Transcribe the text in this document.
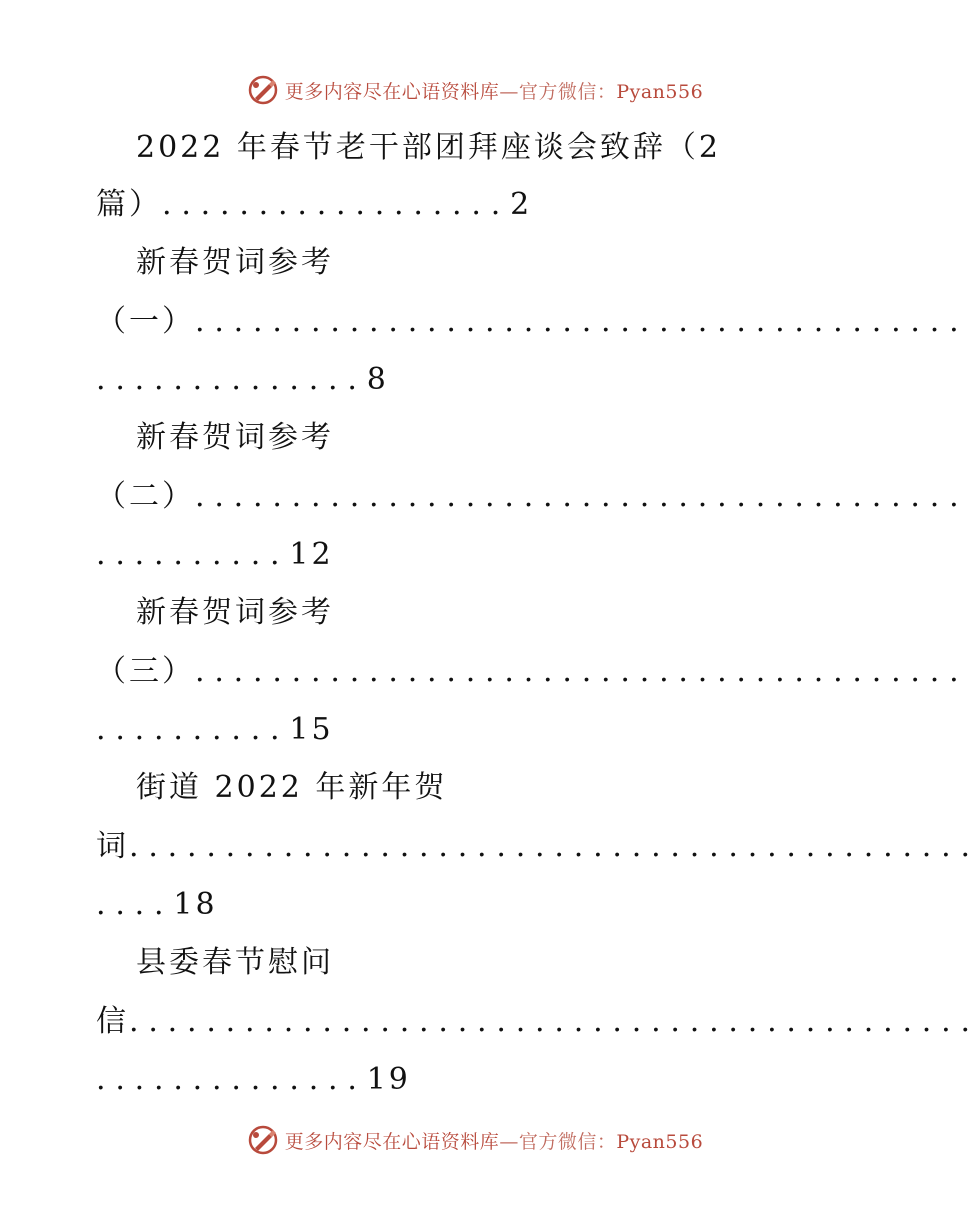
更多内容尽在心语资料库—官方微信：Pyan556
2022 年春节老干部团拜座谈会致辞（2
篇）..................2
新春贺词参考
（一）........................................
..............8
新春贺词参考
（二）........................................
..........12
新春贺词参考
（三）........................................
..........15
街道 2022 年新年贺
词............................................
....18
县委春节慰问
信............................................
..............19
更多内容尽在心语资料库—官方微信：Pyan556
